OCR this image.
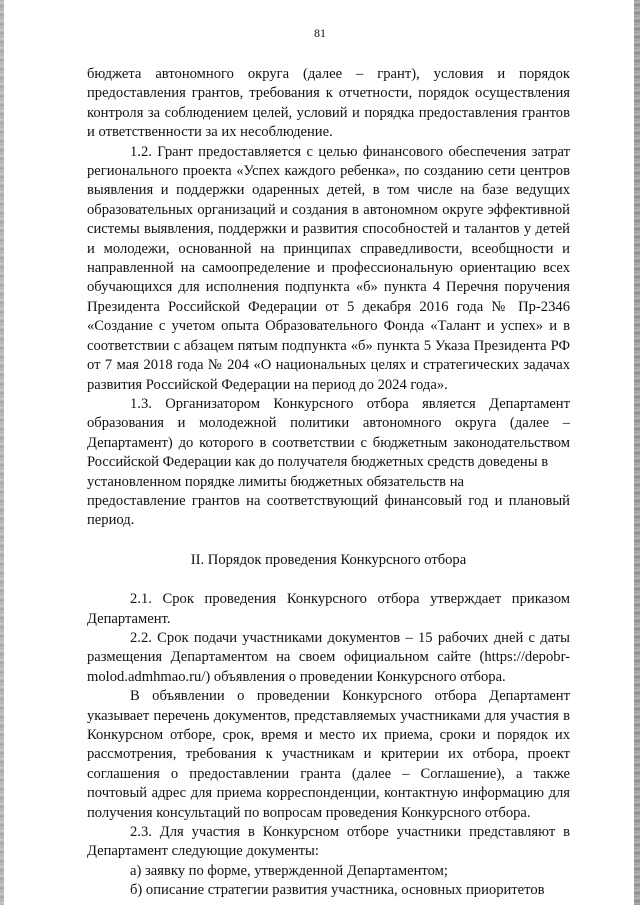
81

бюджета автономного округа (далее – грант), условия и порядок предоставления грантов, требования к отчетности, порядок осуществления контроля за соблюдением целей, условий и порядка предоставления грантов и ответственности за их несоблюдение.

1.2. Грант предоставляется с целью финансового обеспечения затрат регионального проекта «Успех каждого ребенка», по созданию сети центров выявления и поддержки одаренных детей, в том числе на базе ведущих образовательных организаций и создания в автономном округе эффективной системы выявления, поддержки и развития способностей и талантов у детей и молодежи, основанной на принципах справедливости, всеобщности и направленной на самоопределение и профессиональную ориентацию всех обучающихся для исполнения подпункта «б» пункта 4 Перечня поручения Президента Российской Федерации от 5 декабря 2016 года № Пр-2346 «Создание с учетом опыта Образовательного Фонда «Талант и успех» и в соответствии с абзацем пятым подпункта «б» пункта 5 Указа Президента РФ от 7 мая 2018 года № 204 «О национальных целях и стратегических задачах развития Российской Федерации на период до 2024 года».

1.3. Организатором Конкурсного отбора является Департамент образования и молодежной политики автономного округа (далее – Департамент) до которого в соответствии с бюджетным законодательством Российской Федерации как до получателя бюджетных средств доведены в

установленном порядке лимиты бюджетных обязательств на

предоставление грантов на соответствующий финансовый год и плановый период.

II. Порядок проведения Конкурсного отбора

2.1. Срок проведения Конкурсного отбора утверждает приказом Департамент.

2.2. Срок подачи участниками документов – 15 рабочих дней с даты размещения Департаментом на своем официальном сайте (https://depobr-molod.admhmao.ru/) объявления о проведении Конкурсного отбора.

В объявлении о проведении Конкурсного отбора Департамент указывает перечень документов, представляемых участниками для участия в Конкурсном отборе, срок, время и место их приема, сроки и порядок их рассмотрения, требования к участникам и критерии их отбора, проект соглашения о предоставлении гранта (далее – Соглашение), а также почтовый адрес для приема корреспонденции, контактную информацию для получения консультаций по вопросам проведения Конкурсного отбора.

2.3. Для участия в Конкурсном отборе участники представляют в Департамент следующие документы:

а) заявку по форме, утвержденной Департаментом;

б) описание стратегии развития участника, основных приоритетов
